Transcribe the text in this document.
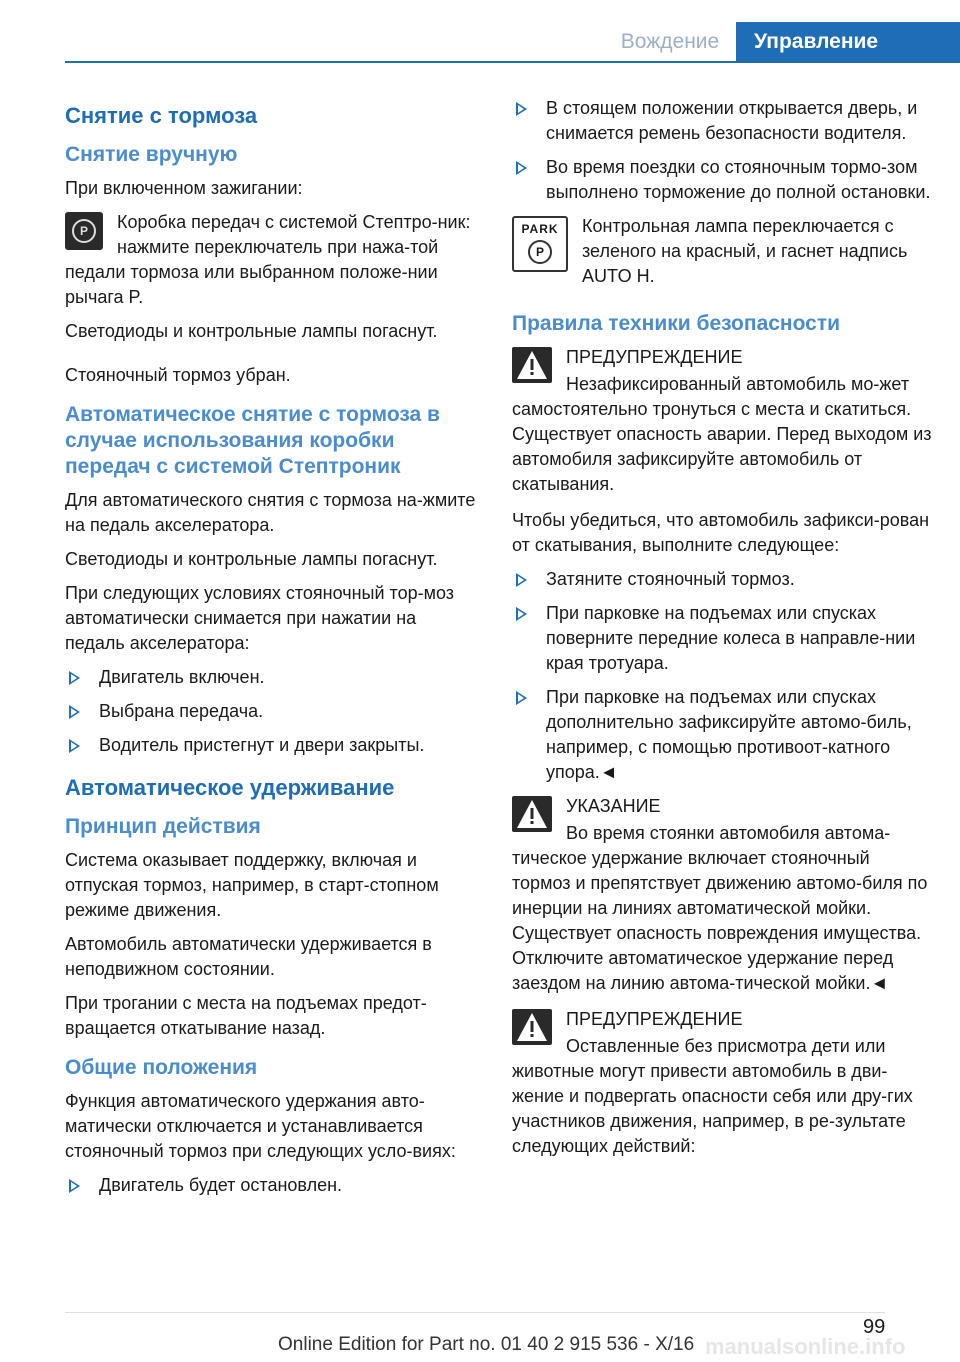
Вождение	Управление
Снятие с тормоза
Снятие вручную

При включенном зажигании:

P	Коробка передач с системой Стептро-ник: нажмите переключатель при нажа-той педали тормоза или выбранном положе-нии рычага P.

Светодиоды и контрольные лампы погаснут.

Стояночный тормоз убран.

Автоматическое снятие с тормоза в случае использования коробки передач с системой Стептроник

Для автоматического снятия с тормоза на-жмите на педаль акселератора.

Светодиоды и контрольные лампы погаснут.

При следующих условиях стояночный тор-моз автоматически снимается при нажатии на педаль акселератора:

Двигатель включен.
Выбрана передача.
Водитель пристегнут и двери закрыты.
Автоматическое удерживание
Принцип действия

Система оказывает поддержку, включая и отпуская тормоз, например, в старт-стопном режиме движения.

Автомобиль автоматически удерживается в неподвижном состоянии.

При трогании с места на подъемах предот-вращается откатывание назад.

Общие положения

Функция автоматического удержания авто-матически отключается и устанавливается стояночный тормоз при следующих усло-виях:

Двигатель будет остановлен.
В стоящем положении открывается дверь, и снимается ремень безопасности водителя.
Во время поездки со стояночным тормо-зом выполнено торможение до полной остановки.
PARK
P

Контрольная лампа переключается с зеленого на красный, и гаснет надпись AUTO H.

Правила техники безопасности

ПРЕДУПРЕЖДЕНИЕ

Незафиксированный автомобиль мо-жет самостоятельно тронуться с места и скатиться. Существует опасность аварии. Перед выходом из автомобиля зафиксируйте автомобиль от скатывания.

Чтобы убедиться, что автомобиль зафикси-рован от скатывания, выполните следующее:

Затяните стояночный тормоз.
При парковке на подъемах или спусках поверните передние колеса в направле-нии края тротуара.
При парковке на подъемах или спусках дополнительно зафиксируйте автомо-биль, например, с помощью противоот-катного упора.◄

УКАЗАНИЕ

Во время стоянки автомобиля автома-тическое удержание включает стояночный тормоз и препятствует движению автомо-биля по инерции на линиях автоматической мойки. Существует опасность повреждения имущества. Отключите автоматическое удержание перед заездом на линию автома-тической мойки.◄

ПРЕДУПРЕЖДЕНИЕ

Оставленные без присмотра дети или животные могут привести автомобиль в дви-жение и подвергать опасности себя или дру-гих участников движения, например, в ре-зультате следующих действий:

99
manualsonline.info
Online Edition for Part no. 01 40 2 915 536 - X/16
